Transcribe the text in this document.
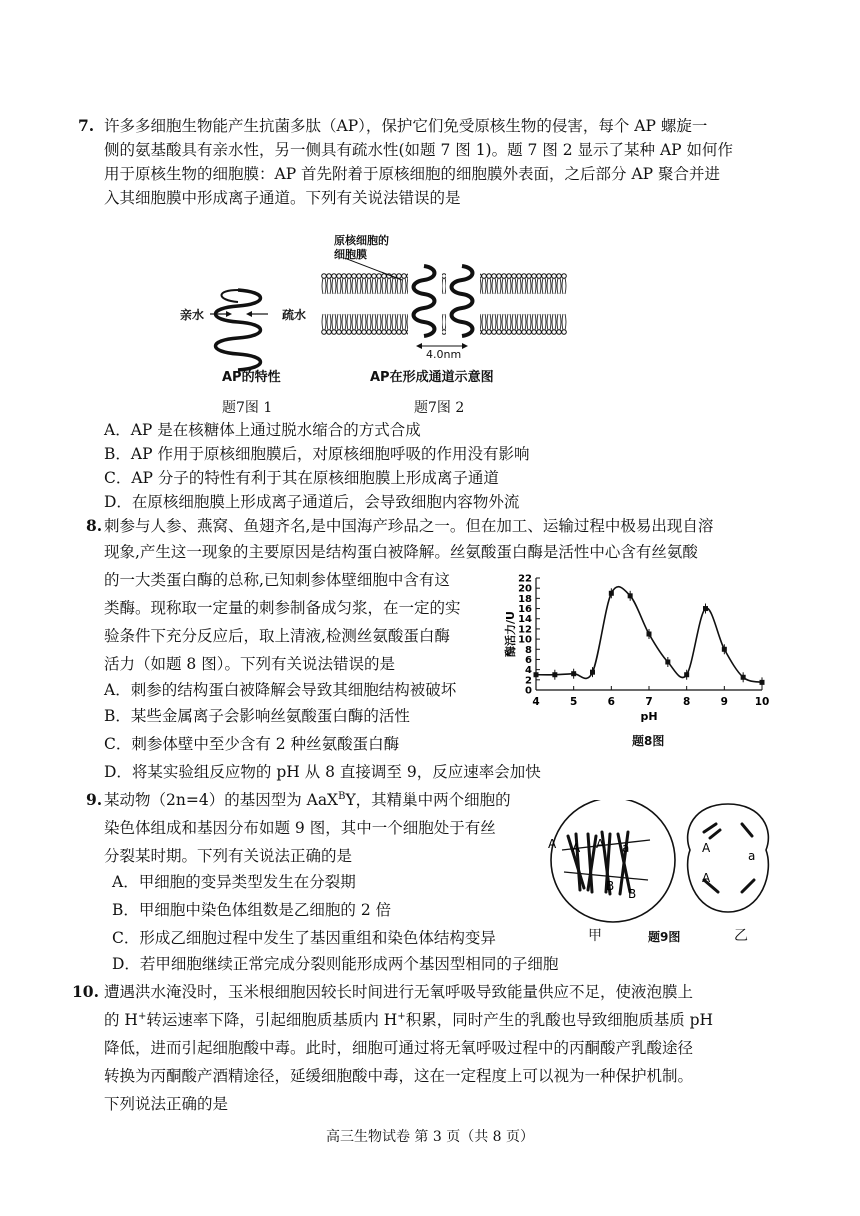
7. 许多多细胞生物能产生抗菌多肽（AP），保护它们免受原核生物的侵害，每个 AP 螺旋一
侧的氨基酸具有亲水性，另一侧具有疏水性(如题 7 图 1)。题 7 图 2 显示了某种 AP 如何作
用于原核生物的细胞膜：AP 首先附着于原核细胞的细胞膜外表面，之后部分 AP 聚合并进
入其细胞膜中形成离子通道。下列有关说法错误的是
亲水	疏水
AP的特性
题7图 1
原核细胞的
细胞膜
4.0nm
AP在形成通道示意图
题7图 2
A．AP 是在核糖体上通过脱水缩合的方式合成
B．AP 作用于原核细胞膜后，对原核细胞呼吸的作用没有影响
C．AP 分子的特性有利于其在原核细胞膜上形成离子通道
D．在原核细胞膜上形成离子通道后，会导致细胞内容物外流
8. 刺参与人参、燕窝、鱼翅齐名,是中国海产珍品之一。但在加工、运输过程中极易出现自溶
现象,产生这一现象的主要原因是结构蛋白被降解。丝氨酸蛋白酶是活性中心含有丝氨酸
的一大类蛋白酶的总称,已知刺参体壁细胞中含有这
类酶。现称取一定量的刺参制备成匀浆，在一定的实
验条件下充分反应后，取上清液,检测丝氨酸蛋白酶
活力（如题 8 图）。下列有关说法错误的是
A．刺参的结构蛋白被降解会导致其细胞结构被破坏
B．某些金属离子会影响丝氨酸蛋白酶的活性
C．刺参体壁中至少含有 2 种丝氨酸蛋白酶
D．将某实验组反应物的 pH 从 8 直接调至 9，反应速率会加快
0
2
4
6
8
10
12
14
16
18
20
22
4	5	6	7	8	9	10
pH
酶活力/U
题8图
9. 某动物（2n=4）的基因型为 AaX$^B$Y，其精巢中两个细胞的
染色体组成和基因分布如题 9 图，其中一个细胞处于有丝
分裂某时期。下列有关说法正确的是
A．甲细胞的变异类型发生在分裂期
B．甲细胞中染色体组数是乙细胞的 2 倍
C．形成乙细胞过程中发生了基因重组和染色体结构变异
D．若甲细胞继续正常完成分裂则能形成两个基因型相同的子细胞
A A A a
B
B
A
a
A
甲	题9图	乙
10. 遭遇洪水淹没时，玉米根细胞因较长时间进行无氧呼吸导致能量供应不足，使液泡膜上
的 H+转运速率下降，引起细胞质基质内 H+积累，同时产生的乳酸也导致细胞质基质 pH
降低，进而引起细胞酸中毒。此时，细胞可通过将无氧呼吸过程中的丙酮酸产乳酸途径
转换为丙酮酸产酒精途径，延缓细胞酸中毒，这在一定程度上可以视为一种保护机制。
下列说法正确的是
高三生物试卷 第 3 页（共 8 页）
